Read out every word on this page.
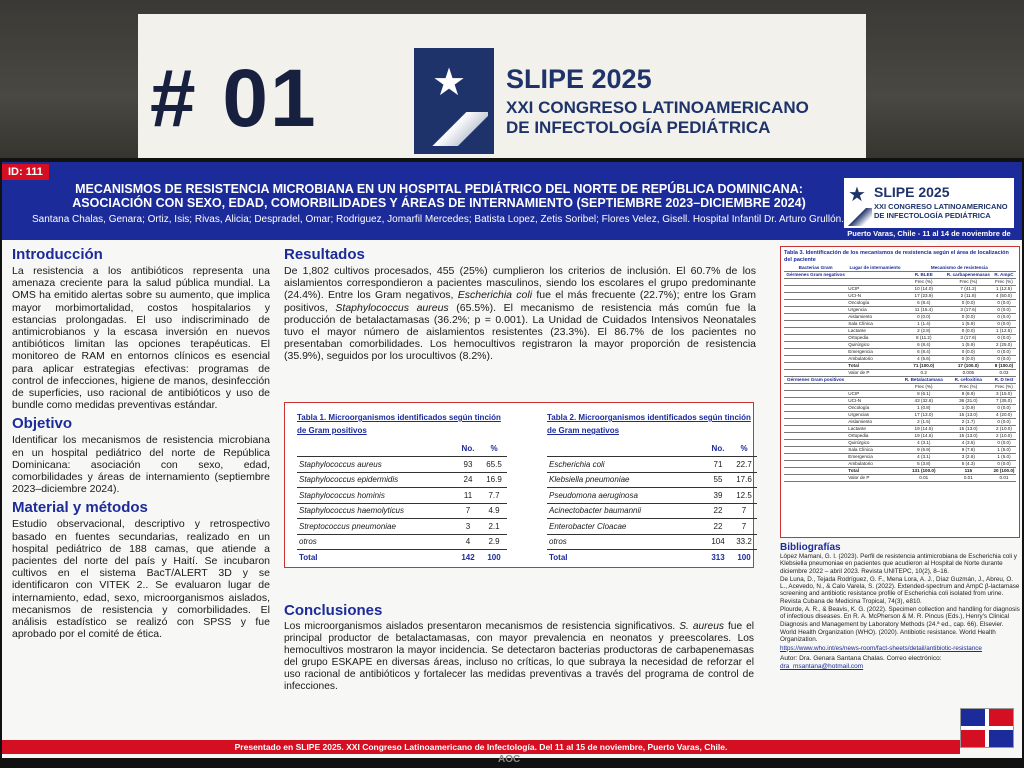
# 01	★ SLIPE 2025
XXI CONGRESO LATINOAMERICANO DE INFECTOLOGÍA PEDIÁTRICA
ID: 111
MECANISMOS DE RESISTENCIA MICROBIANA EN UN HOSPITAL PEDIÁTRICO DEL NORTE DE REPÚBLICA DOMINICANA: ASOCIACIÓN CON SEXO, EDAD, COMORBILIDADES Y ÁREAS DE INTERNAMIENTO (SEPTIEMBRE 2023–DICIEMBRE 2024)
Santana Chalas, Genara; Ortiz, Isis; Rivas, Alicia; Despradel, Omar; Rodriguez, Jomarfil Mercedes; Batista Lopez, Zetis Soribel; Flores Velez, Gisell. Hospital Infantil Dr. Arturo Grullón.
★ SLIPE 2025
XXI CONGRESO LATINOAMERICANO DE INFECTOLOGÍA PEDIÁTRICA
Puerto Varas, Chile - 11 al 14 de noviembre de
Introducción
La resistencia a los antibióticos representa una amenaza creciente para la salud pública mundial. La OMS ha emitido alertas sobre su aumento, que implica mayor morbimortalidad, costos hospitalarios y estancias prolongadas. El uso indiscriminado de antimicrobianos y la escasa inversión en nuevos antibióticos limitan las opciones terapéuticas. El monitoreo de RAM en entornos clínicos es esencial para aplicar estrategias efectivas: programas de control de infecciones, higiene de manos, desinfección de superficies, uso racional de antibióticos y uso de bundle como medidas preventivas estándar.
Objetivo
Identificar los mecanismos de resistencia microbiana en un hospital pediátrico del norte de República Dominicana: asociación con sexo, edad, comorbilidades y áreas de internamiento (septiembre 2023–diciembre 2024).
Material y métodos
Estudio observacional, descriptivo y retrospectivo basado en fuentes secundarias, realizado en un hospital pediátrico de 188 camas, que atiende a pacientes del norte del país y Haití. Se incubaron cultivos en el sistema BacT/ALERT 3D y se identificaron con VITEK 2.. Se evaluaron lugar de internamiento, edad, sexo, microorganismos aislados, mecanismos de resistencia y comorbilidades. El análisis estadístico se realizó con SPSS y fue aprobado por el comité de ética.
Resultados
De 1,802 cultivos procesados, 455 (25%) cumplieron los criterios de inclusión. El 60.7% de los aislamientos correspondieron a pacientes masculinos, siendo los escolares el grupo predominante (24.4%). Entre los Gram negativos, Escherichia coli fue el más frecuente (22.7%); entre los Gram positivos, Staphylococcus aureus (65.5%). El mecanismo de resistencia más común fue la producción de betalactamasas (36.2%; p = 0.001). La Unidad de Cuidados Intensivos Neonatales tuvo el mayor número de aislamientos resistentes (23.3%). El 86.7% de los pacientes no presentaban comorbilidades. Los hemocultivos registraron la mayor proporción de resistencia (35.9%), seguidos por los urocultivos (8.2%).
Tabla 1. Microorganismos identificados según tinción de Gram positivos
	No.	%
Staphylococcus aureus	93	65.5
Staphylococcus epidermidis	24	16.9
Staphylococcus hominis	11	7.7
Staphylococcus haemolyticus	7	4.9
Streptococcus pneumoniae	3	2.1
otros	4	2.9
Total	142	100
Tabla 2. Microorganismos identificados según tinción de Gram negativos
	No.	%
Escherichia coli	71	22.7
Klebsiella pneumoniae	55	17.6
Pseudomona aeruginosa	39	12.5
Acinectobacter baumannii	22	7
Enterobacter Cloacae	22	7
otros	104	33.2
Total	313	100
Conclusiones
Los microorganismos aislados presentaron mecanismos de resistencia significativos. S. aureus fue el principal productor de betalactamasas, con mayor prevalencia en neonatos y preescolares. Los hemocultivos mostraron la mayor incidencia. Se detectaron bacterias productoras de carbapenemasas del grupo ESKAPE en diversas áreas, incluso no críticas, lo que subraya la necesidad de reforzar el uso racional de antibióticos y fortalecer las medidas preventivas a través del programa de control de infecciones.
Tabla 3. Identificación de los mecanismos de resistencia según el área de localización del paciente
Bacterias Gram	Lugar de internamiento	Mecanismo de resistencia		
Gérmenes Gram negativos		R. BLEE	R. carbapenemasas	R. AmpC
		Frec (%)	Frec (%)	Frec (%)
	UCIP	10 (14.0)	7 (41.2)	1 (12.5)
	UCI-N	17 (23.9)	2 (11.8)	4 (50.0)
	Oncología	6 (8.4)	0 (0.0)	0 (0.0)
	Urgencia	11 (15.4)	3 (17.6)	0 (0.0)
	Aislamiento	0 (0.0)	0 (0.0)	0 (0.0)
	Sala Clínica	1 (1.4)	1 (5.9)	0 (0.0)
	Lactante	2 (2.8)	0 (0.0)	1 (12.5)
	Ortopedia	8 (11.2)	3 (17.6)	0 (0.0)
	Quirúrgico	6 (8.4)	1 (5.9)	2 (25.0)
	Emergencia	6 (8.4)	0 (0.0)	0 (0.0)
	Ambulatorio	4 (5.6)	0 (0.0)	0 (0.0)
	Total	71 (100.0)	17 (100.0)	8 (100.0)
	Valor de P	0.2	0.005	0.03
Gérmenes Gram positivos		R. Betalactamasa	R. cefoxitina	R. D test
		Frec (%)	Frec (%)	Frec (%)
	UCIP	8 (6.1)	8 (6.9)	3 (15.0)
	UCI-N	43 (32.8)	36 (31.0)	7 (35.0)
	Oncología	1 (0.8)	1 (0.9)	0 (0.0)
	Urgencias	17 (13.0)	15 (13.0)	4 (20.0)
	Aislamiento	2 (1.5)	2 (1.7)	0 (0.0)
	Lactante	19 (14.5)	15 (13.0)	2 (10.0)
	Ortopedia	19 (14.5)	15 (13.0)	2 (10.0)
	Quirúrgico	4 (3.1)	4 (3.5)	0 (0.0)
	Sala Clínica	9 (6.9)	9 (7.8)	1 (5.0)
	Emergencia	4 (3.1)	3 (2.6)	1 (5.0)
	Ambulatorio	5 (3.8)	5 (4.3)	0 (0.0)
	Total	131 (100.0)	115	20 (100.0)
	Valor de P	0.01	0.01	0.01
Bibliografías

López Mamani, G. I. (2023). Perfil de resistencia antimicrobiana de Escherichia coli y Klebsiella pneumoniae en pacientes que acudieron al Hospital de Norte durante diciembre 2022 – abril 2023. Revista UNITEPC, 10(2), 8–16.

De Luna, D., Tejada Rodríguez, G. F., Mena Lora, A. J., Díaz Guzmán, J., Abreu, O. L., Acevedo, N., & Calo Varela, S. (2022). Extended-spectrum and AmpC β-lactamase screening and antibiotic resistance profile of Escherichia coli isolated from urine. Revista Cubana de Medicina Tropical, 74(3), e810.

Plourde, A. R., & Beavis, K. G. (2022). Specimen collection and handling for diagnosis of infectious diseases. En R. A. McPherson & M. R. Pincus (Eds.), Henry's Clinical Diagnosis and Management by Laboratory Methods (24.ª ed., cap. 66). Elsevier.

World Health Organization (WHO). (2020). Antibiotic resistance. World Health Organization.

https://www.who.int/es/news-room/fact-sheets/detail/antibiotic-resistance

Autor: Dra. Genara Santana Chalas. Correo electrónico:
dra_msantana@hotmail.com
Presentado en SLIPE 2025. XXI Congreso Latinoamericano de Infectología. Del 11 al 15 de noviembre, Puerto Varas, Chile.
AOC
